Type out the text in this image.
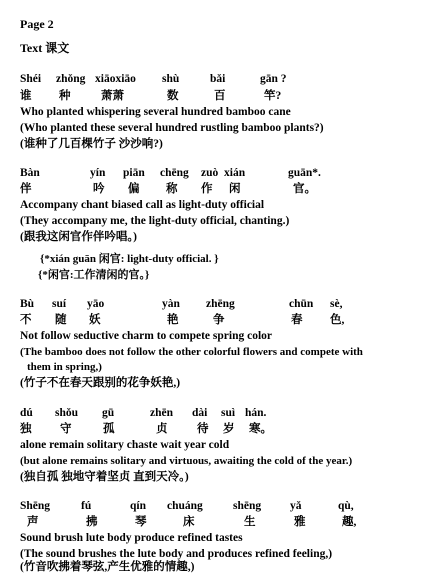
Page 2
Text 课文
Shéi zhǒng xiāoxiāo shù	bǎi	gān ?
谁 种	萧萧	数	百	竿?
Who planted whispering several hundred bamboo cane
(Who planted these several hundred rustling bamboo plants?)
(谁种了几百棵竹子 沙沙响?)
Bàn	yín piān chēng zuò xián	guān*.
伴	吟 偏 称 作 闲	官。
Accompany chant biased call as light-duty official
(They accompany me, the light-duty official, chanting.)
(跟我这闲官作伴吟唱。)
{*xián guān 闲官: light-duty official. }
{*闲官:工作清闲的官。}
Bù suí yāo	yàn zhēng	chūn sè,
不 随 妖	艳	争	春 色,
Not follow seductive charm to compete spring color
(The bamboo does not follow the other colorful flowers and compete with
them in spring,)
(竹子不在春天跟别的花争妖艳,)
dú shǒu gū	zhēn dài suì hán.
独 守	孤	贞	待 岁 寒。
alone remain solitary chaste wait year cold
(but alone remains solitary and virtuous, awaiting the cold of the year.)
(独自孤 独地守着坚贞 直到天冷。)
Shēng	fú	qín chuáng	shēng	yǎ	qù,
声	拂	琴	床	生	雅	趣,
Sound brush lute body produce refined tastes
(The sound brushes the lute body and produces refined feeling,)
(竹音吹拂着琴弦,产生优雅的情趣,)
